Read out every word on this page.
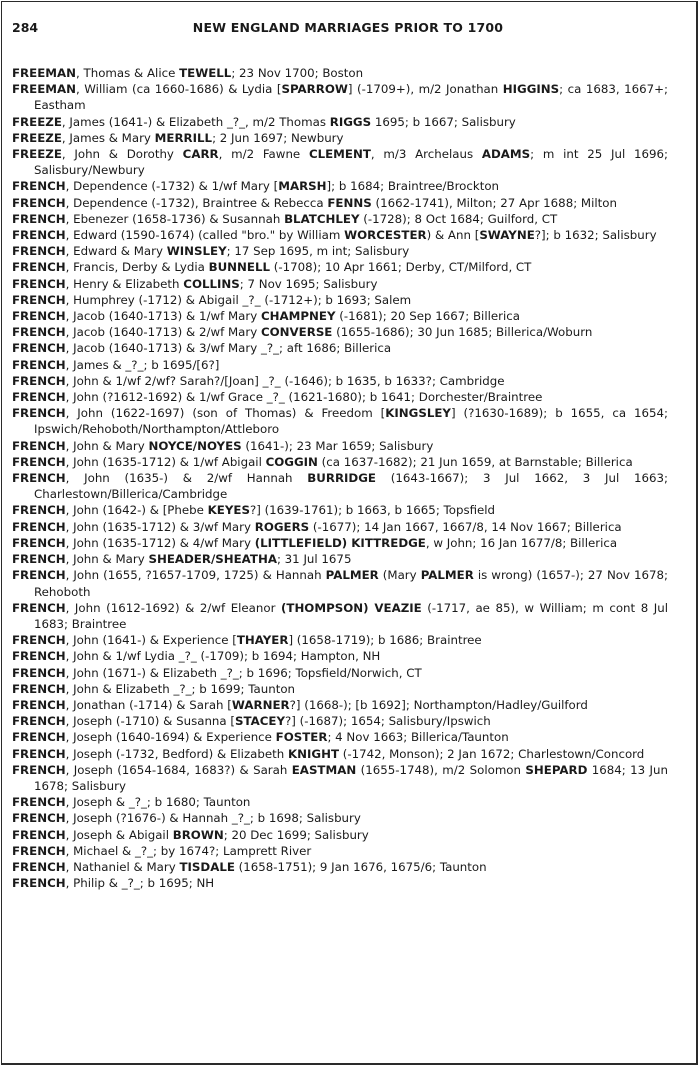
284	NEW ENGLAND MARRIAGES PRIOR TO 1700

FREEMAN, Thomas & Alice TEWELL; 23 Nov 1700; Boston

FREEMAN, William (ca 1660-1686) & Lydia [SPARROW] (-1709+), m/2 Jonathan HIGGINS; ca 1683, 1667+; Eastham

FREEZE, James (1641-) & Elizabeth _?_, m/2 Thomas RIGGS 1695; b 1667; Salisbury

FREEZE, James & Mary MERRILL; 2 Jun 1697; Newbury

FREEZE, John & Dorothy CARR, m/2 Fawne CLEMENT, m/3 Archelaus ADAMS; m int 25 Jul 1696; Salisbury/Newbury

FRENCH, Dependence (-1732) & 1/wf Mary [MARSH]; b 1684; Braintree/Brockton

FRENCH, Dependence (-1732), Braintree & Rebecca FENNS (1662-1741), Milton; 27 Apr 1688; Milton

FRENCH, Ebenezer (1658-1736) & Susannah BLATCHLEY (-1728); 8 Oct 1684; Guilford, CT

FRENCH, Edward (1590-1674) (called "bro." by William WORCESTER) & Ann [SWAYNE?]; b 1632; Salisbury

FRENCH, Edward & Mary WINSLEY; 17 Sep 1695, m int; Salisbury

FRENCH, Francis, Derby & Lydia BUNNELL (-1708); 10 Apr 1661; Derby, CT/Milford, CT

FRENCH, Henry & Elizabeth COLLINS; 7 Nov 1695; Salisbury

FRENCH, Humphrey (-1712) & Abigail _?_ (-1712+); b 1693; Salem

FRENCH, Jacob (1640-1713) & 1/wf Mary CHAMPNEY (-1681); 20 Sep 1667; Billerica

FRENCH, Jacob (1640-1713) & 2/wf Mary CONVERSE (1655-1686); 30 Jun 1685; Billerica/Woburn

FRENCH, Jacob (1640-1713) & 3/wf Mary _?_; aft 1686; Billerica

FRENCH, James & _?_; b 1695/[6?]

FRENCH, John & 1/wf 2/wf? Sarah?/[Joan] _?_ (-1646); b 1635, b 1633?; Cambridge

FRENCH, John (?1612-1692) & 1/wf Grace _?_ (1621-1680); b 1641; Dorchester/Braintree

FRENCH, John (1622-1697) (son of Thomas) & Freedom [KINGSLEY] (?1630-1689); b 1655, ca 1654; Ipswich/Rehoboth/Northampton/Attleboro

FRENCH, John & Mary NOYCE/NOYES (1641-); 23 Mar 1659; Salisbury

FRENCH, John (1635-1712) & 1/wf Abigail COGGIN (ca 1637-1682); 21 Jun 1659, at Barnstable; Billerica

FRENCH, John (1635-) & 2/wf Hannah BURRIDGE (1643-1667); 3 Jul 1662, 3 Jul 1663; Charlestown/Billerica/Cambridge

FRENCH, John (1642-) & [Phebe KEYES?] (1639-1761); b 1663, b 1665; Topsfield

FRENCH, John (1635-1712) & 3/wf Mary ROGERS (-1677); 14 Jan 1667, 1667/8, 14 Nov 1667; Billerica

FRENCH, John (1635-1712) & 4/wf Mary (LITTLEFIELD) KITTREDGE, w John; 16 Jan 1677/8; Billerica

FRENCH, John & Mary SHEADER/SHEATHA; 31 Jul 1675

FRENCH, John (1655, ?1657-1709, 1725) & Hannah PALMER (Mary PALMER is wrong) (1657-); 27 Nov 1678; Rehoboth

FRENCH, John (1612-1692) & 2/wf Eleanor (THOMPSON) VEAZIE (-1717, ae 85), w William; m cont 8 Jul 1683; Braintree

FRENCH, John (1641-) & Experience [THAYER] (1658-1719); b 1686; Braintree

FRENCH, John & 1/wf Lydia _?_ (-1709); b 1694; Hampton, NH

FRENCH, John (1671-) & Elizabeth _?_; b 1696; Topsfield/Norwich, CT

FRENCH, John & Elizabeth _?_; b 1699; Taunton

FRENCH, Jonathan (-1714) & Sarah [WARNER?] (1668-); [b 1692]; Northampton/Hadley/Guilford

FRENCH, Joseph (-1710) & Susanna [STACEY?] (-1687); 1654; Salisbury/Ipswich

FRENCH, Joseph (1640-1694) & Experience FOSTER; 4 Nov 1663; Billerica/Taunton

FRENCH, Joseph (-1732, Bedford) & Elizabeth KNIGHT (-1742, Monson); 2 Jan 1672; Charlestown/Concord

FRENCH, Joseph (1654-1684, 1683?) & Sarah EASTMAN (1655-1748), m/2 Solomon SHEPARD 1684; 13 Jun 1678; Salisbury

FRENCH, Joseph & _?_; b 1680; Taunton

FRENCH, Joseph (?1676-) & Hannah _?_; b 1698; Salisbury

FRENCH, Joseph & Abigail BROWN; 20 Dec 1699; Salisbury

FRENCH, Michael & _?_; by 1674?; Lamprett River

FRENCH, Nathaniel & Mary TISDALE (1658-1751); 9 Jan 1676, 1675/6; Taunton

FRENCH, Philip & _?_; b 1695; NH
